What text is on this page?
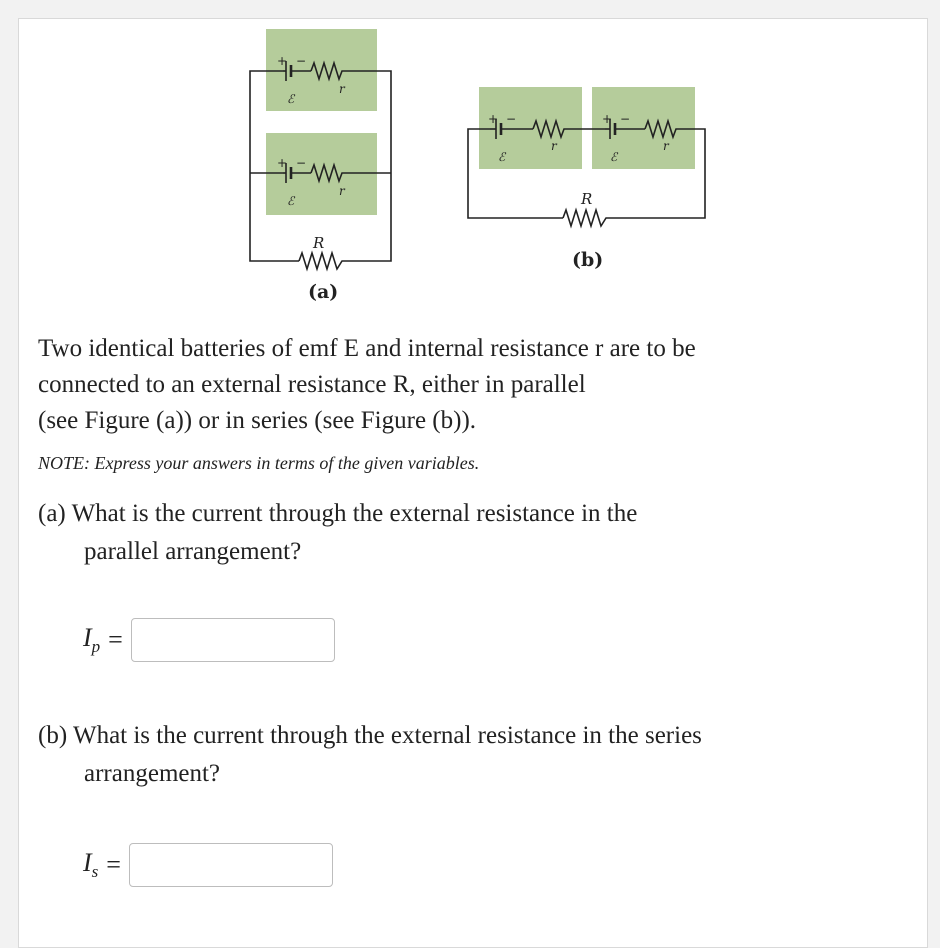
+ −
+ −
ℰ
r
ℰ
r
R
(a)
+ −	+ −
ℰ
r
ℰ
r
R
(b)

Two identical batteries of emf E and internal resistance r are to be
connected to an external resistance R, either in parallel
(see Figure (a)) or in series (see Figure (b)).

NOTE: Express your answers in terms of the given variables.

(a) What is the current through the external resistance in the
parallel arrangement?
$I_p$ =
(b) What is the current through the external resistance in the series
arrangement?
$I_s$ =
